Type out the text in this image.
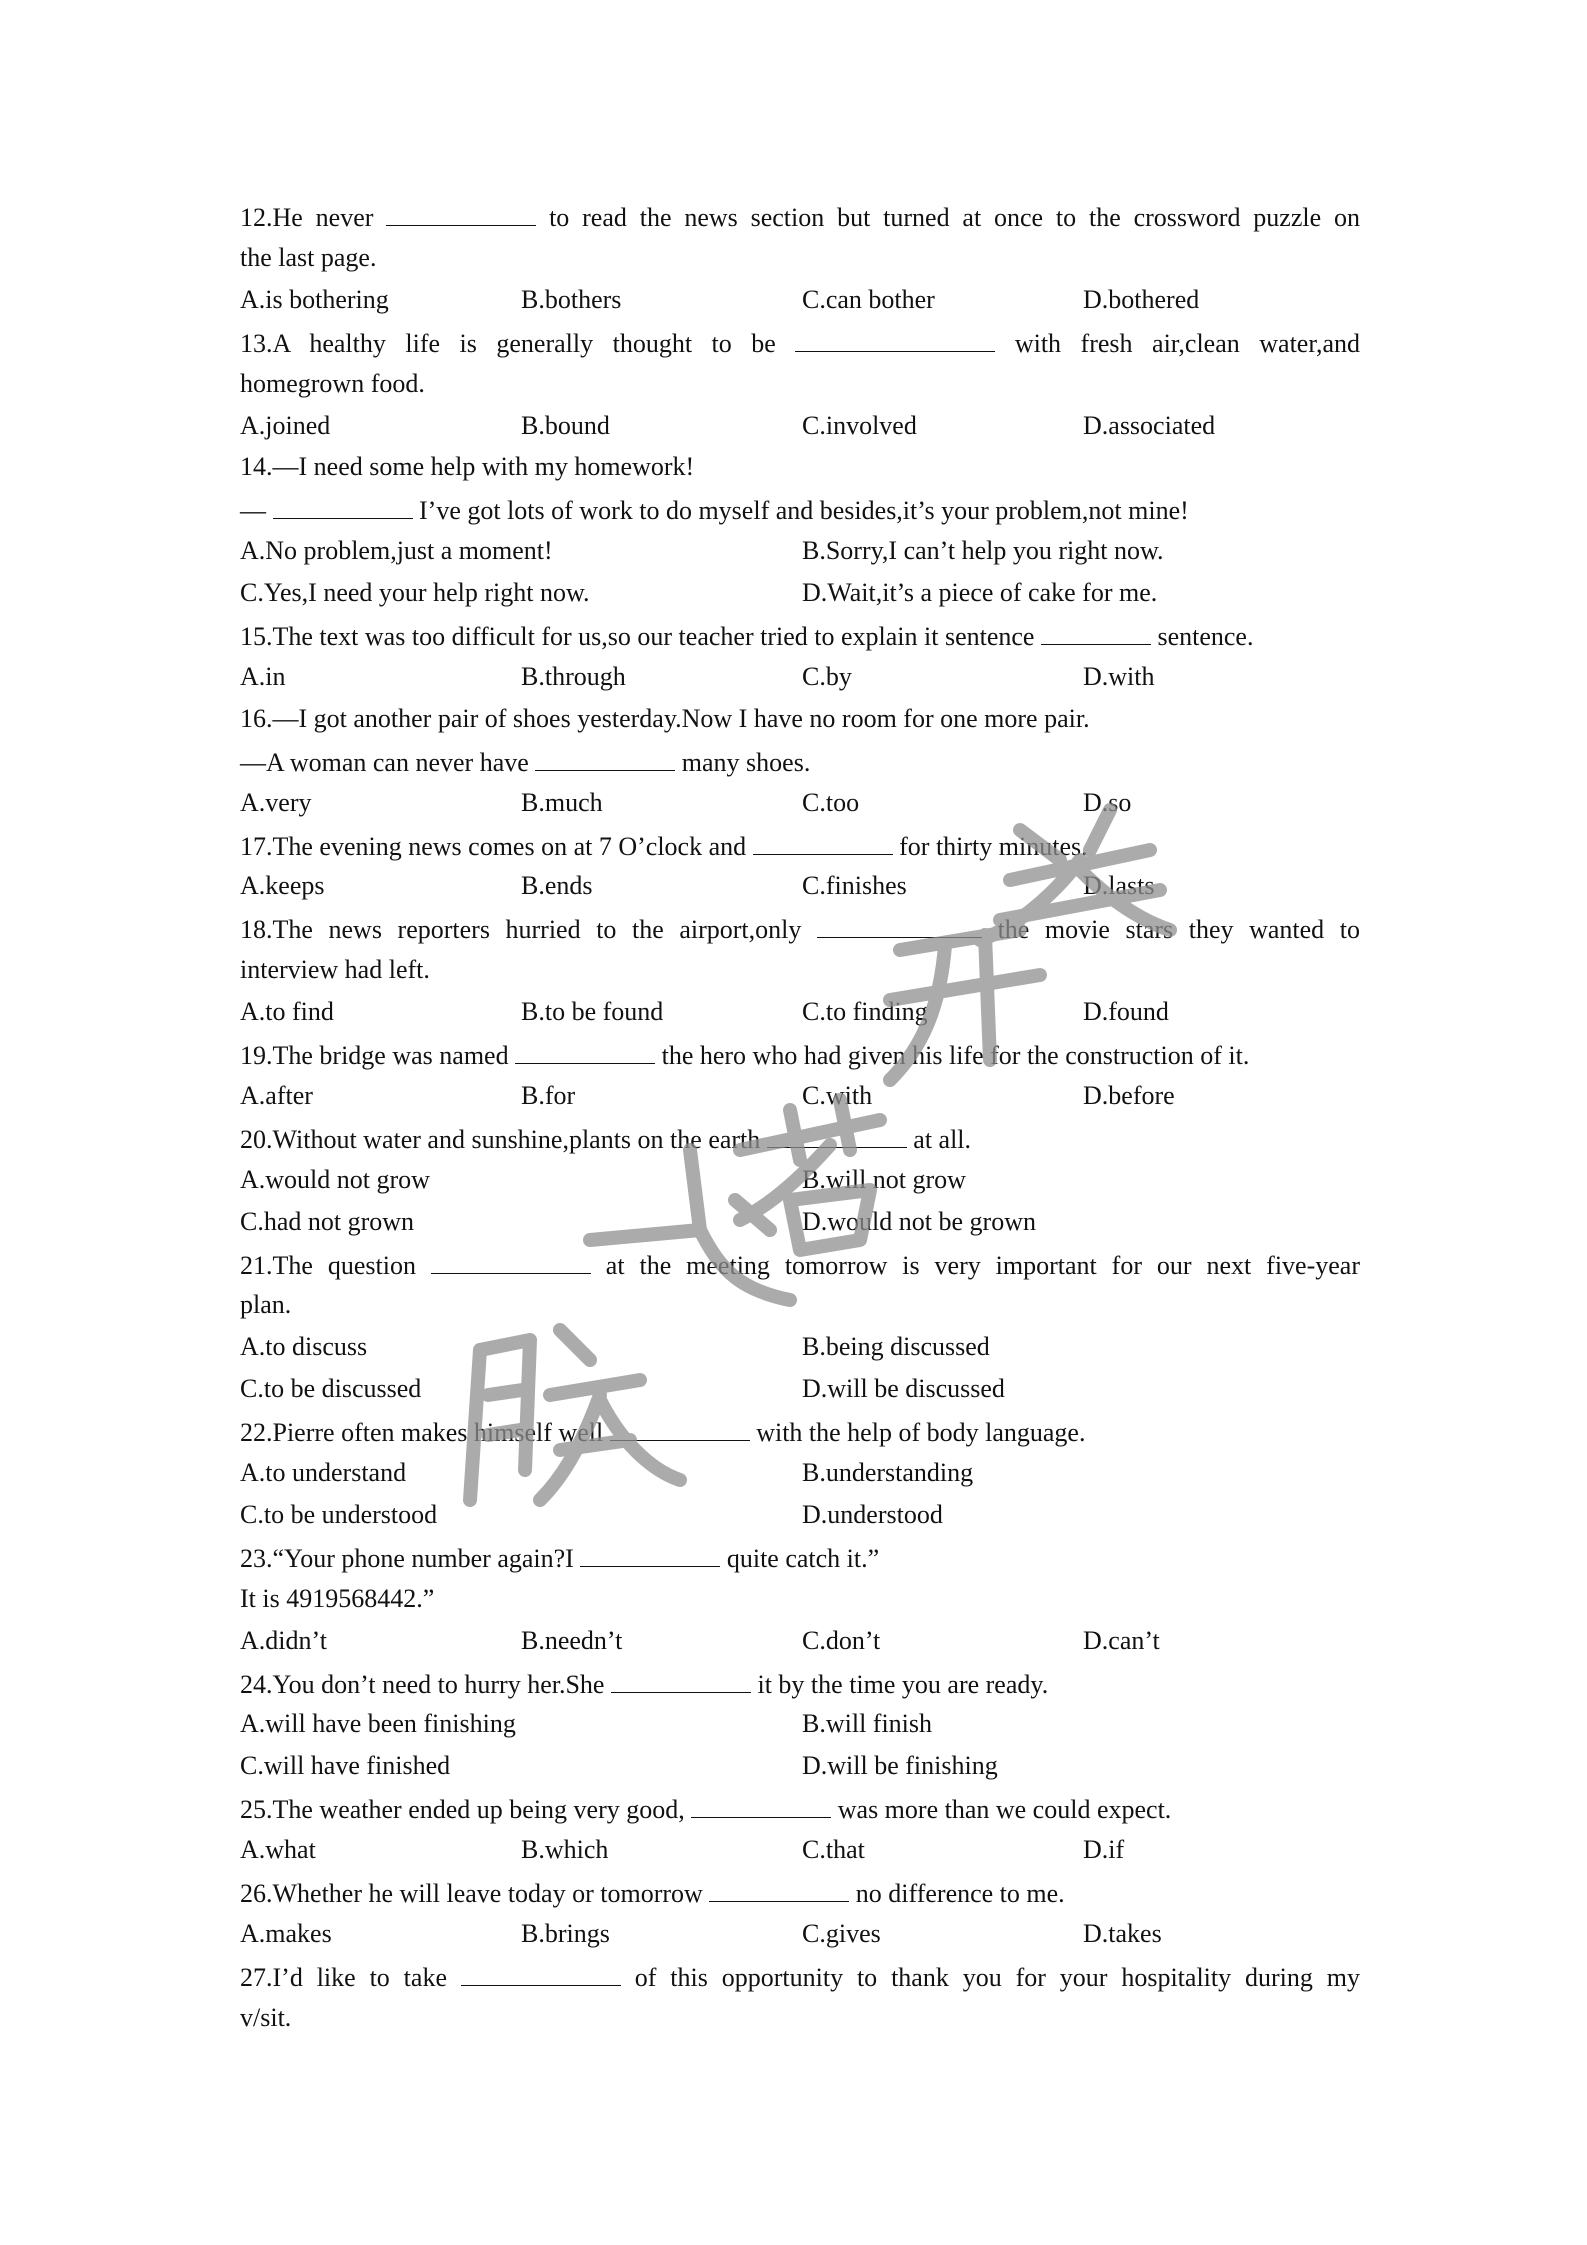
12.He never	to read the news section but turned at once to the crossword puzzle on
the last page.
A.is bothering	B.bothers	C.can bother	D.bothered
13.A healthy life is generally thought to be	with fresh air,clean water,and
homegrown food.
A.joined	B.bound	C.involved	D.associated
14.—I need some help with my homework!
—	I’ve got lots of work to do myself and besides,it’s your problem,not mine!
A.No problem,just a moment!	B.Sorry,I can’t help you right now.
C.Yes,I need your help right now.	D.Wait,it’s a piece of cake for me.
15.The text was too difficult for us,so our teacher tried to explain it sentence	sentence.
A.in	B.through	C.by	D.with
16.—I got another pair of shoes yesterday.Now I have no room for one more pair.
—A woman can never have	many shoes.
A.very	B.much	C.too	D.so
17.The evening news comes on at 7 O’clock and	for thirty minutes.
A.keeps	B.ends	C.finishes	D.lasts
18.The news reporters hurried to the airport,only	the movie stars they wanted to
interview had left.
A.to find	B.to be found	C.to finding	D.found
19.The bridge was named	the hero who had given his life for the construction of it.
A.after	B.for	C.with	D.before
20.Without water and sunshine,plants on the earth	at all.
A.would not grow	B.will not grow
C.had not grown	D.would not be grown
21.The question	at the meeting tomorrow is very important for our next five-year
plan.
A.to discuss	B.being discussed
C.to be discussed	D.will be discussed
22.Pierre often makes himself well	with the help of body language.
A.to understand	B.understanding
C.to be understood	D.understood
23.“Your phone number again?I	quite catch it.”
It is 4919568442.”
A.didn’t	B.needn’t	C.don’t	D.can’t
24.You don’t need to hurry her.She	it by the time you are ready.
A.will have been finishing	B.will finish
C.will have finished	D.will be finishing
25.The weather ended up being very good,	was more than we could expect.
A.what	B.which	C.that	D.if
26.Whether he will leave today or tomorrow	no difference to me.
A.makes	B.brings	C.gives	D.takes
27.I’d like to take	of this opportunity to thank you for your hospitality during my
v/sit.
